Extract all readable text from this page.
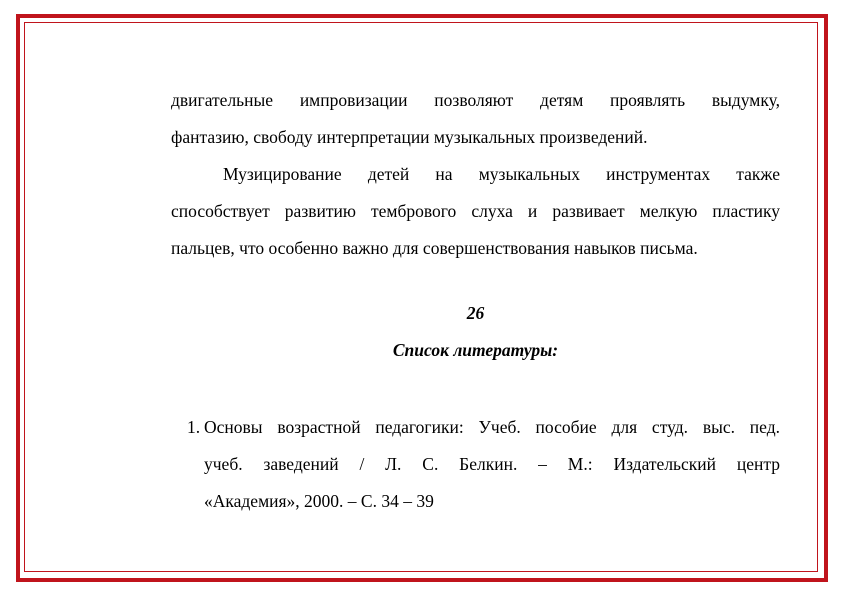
двигательные импровизации позволяют детям проявлять выдумку,
фантазию, свободу интерпретации музыкальных произведений.
Музицирование детей на музыкальных инструментах также
способствует развитию тембрового слуха и развивает мелкую пластику
пальцев, что особенно важно для совершенствования навыков письма.

26

Список литературы:

1. Основы возрастной педагогики: Учеб. пособие для студ. выс. пед.
учеб. заведений / Л. С. Белкин. – М.: Издательский центр
«Академия», 2000. – С. 34 – 39
